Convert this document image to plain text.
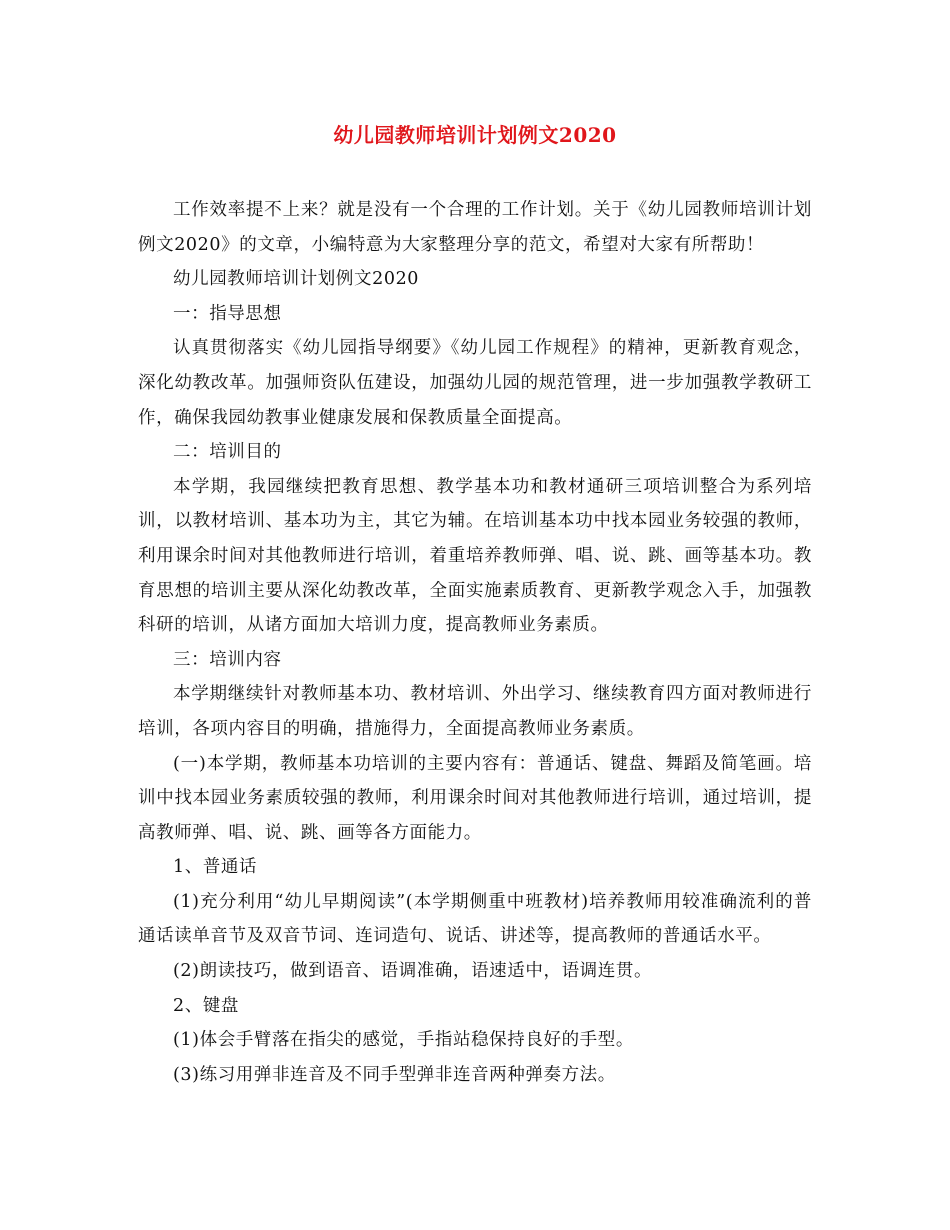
幼儿园教师培训计划例文2020

工作效率提不上来？就是没有一个合理的工作计划。关于《幼儿园教师培训计划例文2020》的文章，小编特意为大家整理分享的范文，希望对大家有所帮助！

幼儿园教师培训计划例文2020

一：指导思想

认真贯彻落实《幼儿园指导纲要》《幼儿园工作规程》的精神，更新教育观念，深化幼教改革。加强师资队伍建设，加强幼儿园的规范管理，进一步加强教学教研工作，确保我园幼教事业健康发展和保教质量全面提高。

二：培训目的

本学期，我园继续把教育思想、教学基本功和教材通研三项培训整合为系列培训，以教材培训、基本功为主，其它为辅。在培训基本功中找本园业务较强的教师，利用课余时间对其他教师进行培训，着重培养教师弹、唱、说、跳、画等基本功。教育思想的培训主要从深化幼教改革，全面实施素质教育、更新教学观念入手，加强教科研的培训，从诸方面加大培训力度，提高教师业务素质。

三：培训内容

本学期继续针对教师基本功、教材培训、外出学习、继续教育四方面对教师进行培训，各项内容目的明确，措施得力，全面提高教师业务素质。

(一)本学期，教师基本功培训的主要内容有：普通话、键盘、舞蹈及简笔画。培训中找本园业务素质较强的教师，利用课余时间对其他教师进行培训，通过培训，提高教师弹、唱、说、跳、画等各方面能力。

1、普通话

(1)充分利用“幼儿早期阅读”(本学期侧重中班教材)培养教师用较准确流利的普通话读单音节及双音节词、连词造句、说话、讲述等，提高教师的普通话水平。

(2)朗读技巧，做到语音、语调准确，语速适中，语调连贯。

2、键盘

(1)体会手臂落在指尖的感觉，手指站稳保持良好的手型。

(3)练习用弹非连音及不同手型弹非连音两种弹奏方法。
